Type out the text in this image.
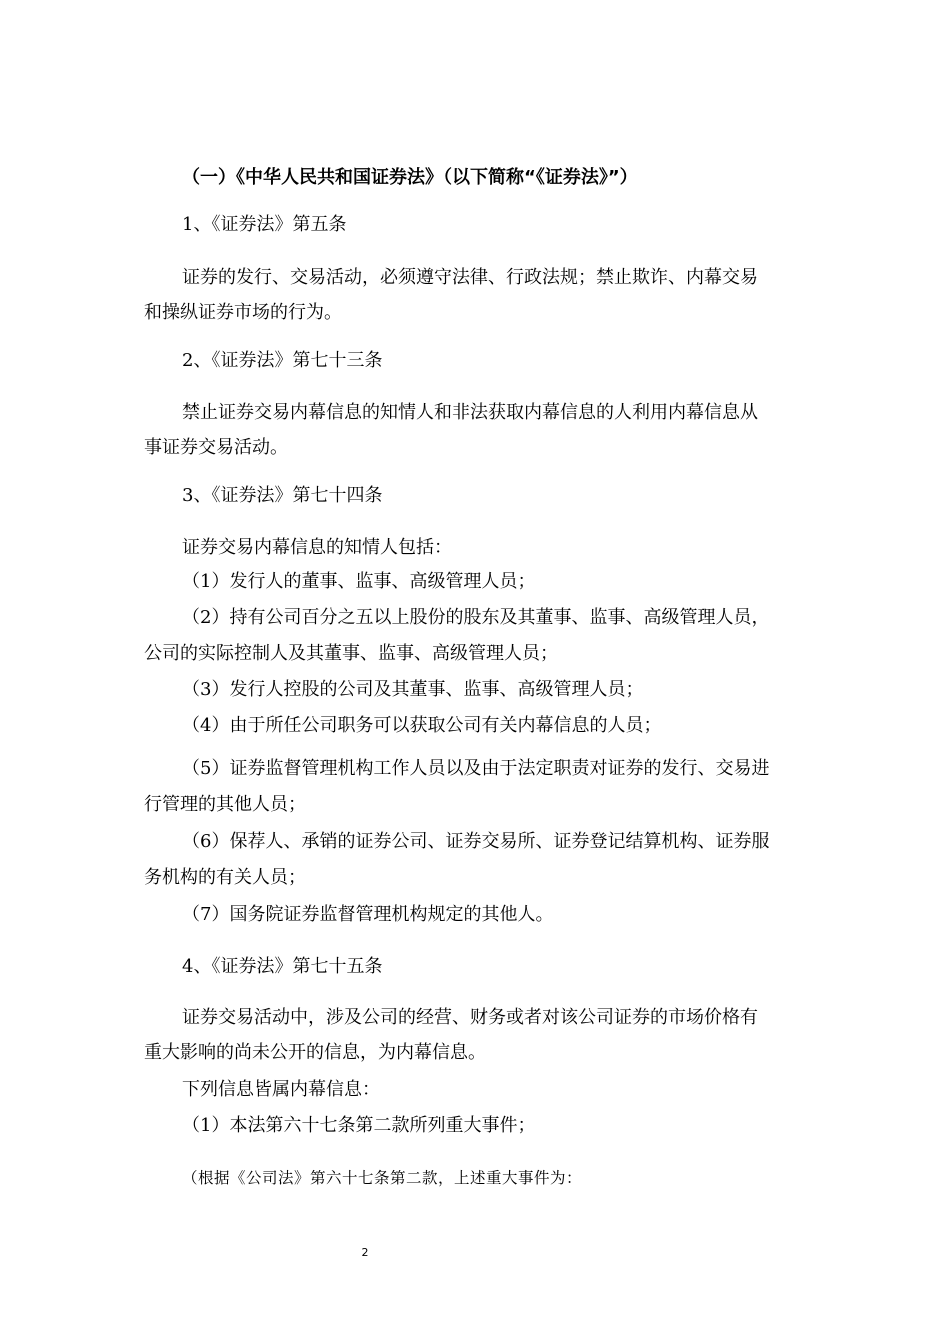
（一）《中华人民共和国证券法》（以下简称“《证券法》”）
1、《证券法》第五条
证券的发行、交易活动，必须遵守法律、行政法规；禁止欺诈、内幕交易
和操纵证券市场的行为。
2、《证券法》第七十三条
禁止证券交易内幕信息的知情人和非法获取内幕信息的人利用内幕信息从
事证券交易活动。
3、《证券法》第七十四条
证券交易内幕信息的知情人包括：
（1）发行人的董事、监事、高级管理人员；
（2）持有公司百分之五以上股份的股东及其董事、监事、高级管理人员，
公司的实际控制人及其董事、监事、高级管理人员；
（3）发行人控股的公司及其董事、监事、高级管理人员；
（4）由于所任公司职务可以获取公司有关内幕信息的人员；
（5）证券监督管理机构工作人员以及由于法定职责对证券的发行、交易进
行管理的其他人员；
（6）保荐人、承销的证券公司、证券交易所、证券登记结算机构、证券服
务机构的有关人员；
（7）国务院证券监督管理机构规定的其他人。
4、《证券法》第七十五条
证券交易活动中，涉及公司的经营、财务或者对该公司证券的市场价格有
重大影响的尚未公开的信息，为内幕信息。
下列信息皆属内幕信息：
（1）本法第六十七条第二款所列重大事件；
（根据《公司法》第六十七条第二款，上述重大事件为：
2
